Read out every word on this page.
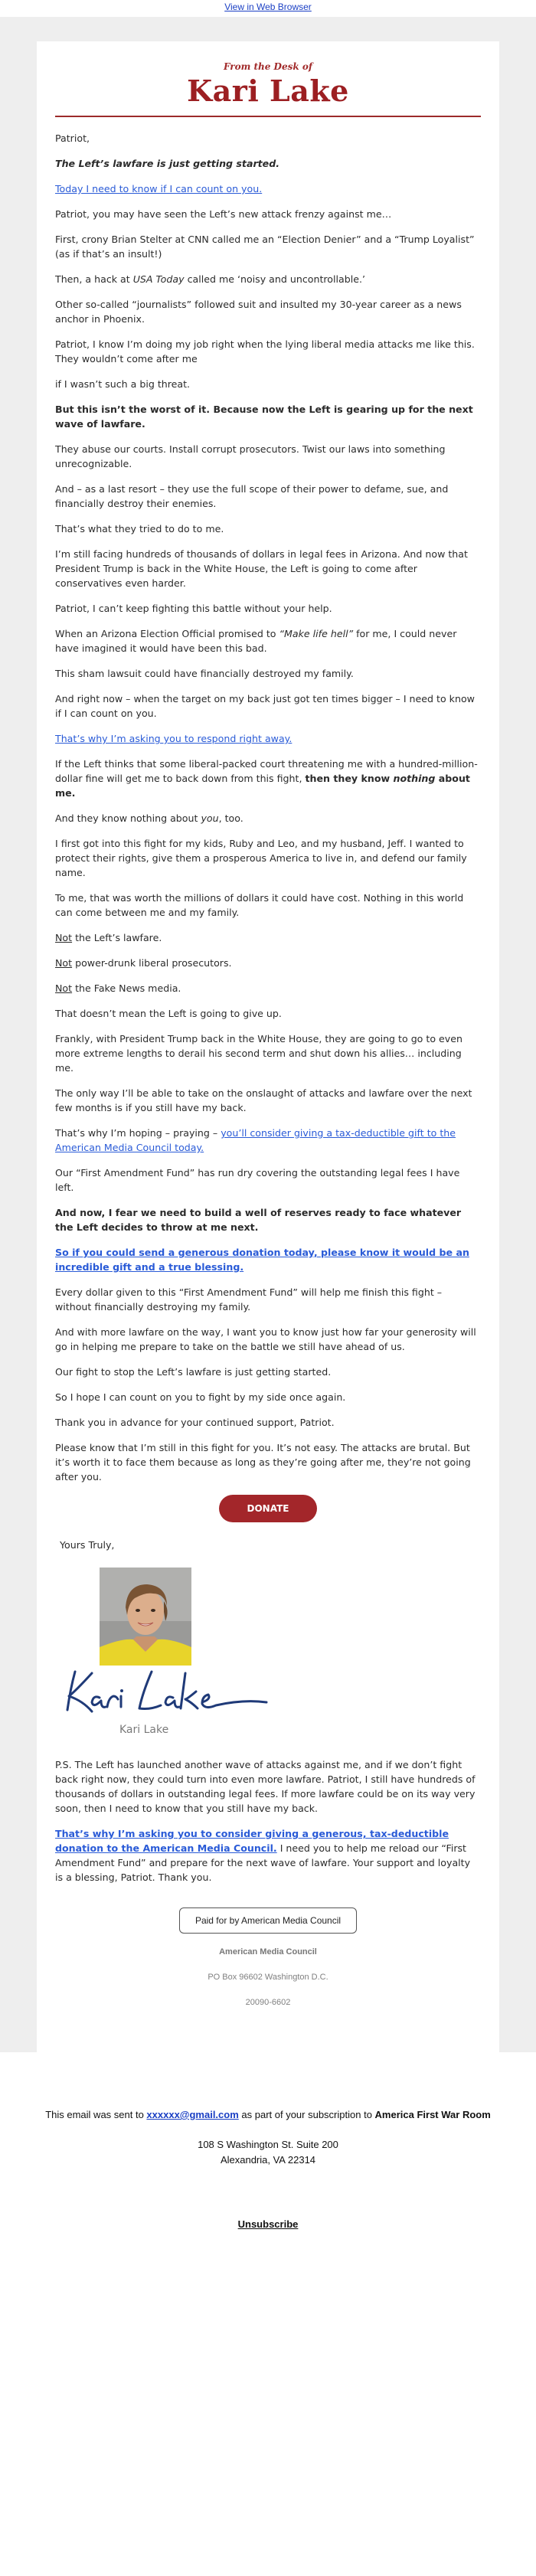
View in Web Browser
From the Desk of
Kari Lake

Patriot,

The Left’s lawfare is just getting started.

Today I need to know if I can count on you.

Patriot, you may have seen the Left’s new attack frenzy against me…

First, crony Brian Stelter at CNN called me an “Election Denier” and a “Trump Loyalist” (as if that’s an insult!)

Then, a hack at USA Today called me ‘noisy and uncontrollable.’

Other so-called “journalists” followed suit and insulted my 30-year career as a news anchor in Phoenix.

Patriot, I know I’m doing my job right when the lying liberal media attacks me like this. They wouldn’t come after me

if I wasn’t such a big threat.

But this isn’t the worst of it. Because now the Left is gearing up for the next wave of lawfare.

They abuse our courts. Install corrupt prosecutors. Twist our laws into something unrecognizable.

And – as a last resort – they use the full scope of their power to defame, sue, and financially destroy their enemies.

That’s what they tried to do to me.

I’m still facing hundreds of thousands of dollars in legal fees in Arizona. And now that President Trump is back in the White House, the Left is going to come after conservatives even harder.

Patriot, I can’t keep fighting this battle without your help.

When an Arizona Election Official promised to “Make life hell” for me, I could never have imagined it would have been this bad.

This sham lawsuit could have financially destroyed my family.

And right now – when the target on my back just got ten times bigger – I need to know if I can count on you.

That’s why I’m asking you to respond right away.

If the Left thinks that some liberal-packed court threatening me with a hundred-million-dollar fine will get me to back down from this fight, then they know nothing about me.

And they know nothing about you, too.

I first got into this fight for my kids, Ruby and Leo, and my husband, Jeff. I wanted to protect their rights, give them a prosperous America to live in, and defend our family name.

To me, that was worth the millions of dollars it could have cost. Nothing in this world can come between me and my family.

Not the Left’s lawfare.

Not power-drunk liberal prosecutors.

Not the Fake News media.

That doesn’t mean the Left is going to give up.

Frankly, with President Trump back in the White House, they are going to go to even more extreme lengths to derail his second term and shut down his allies… including me.

The only way I’ll be able to take on the onslaught of attacks and lawfare over the next few months is if you still have my back.

That’s why I’m hoping – praying – you’ll consider giving a tax-deductible gift to the American Media Council today.

Our “First Amendment Fund” has run dry covering the outstanding legal fees I have left.

And now, I fear we need to build a well of reserves ready to face whatever the Left decides to throw at me next.

So if you could send a generous donation today, please know it would be an incredible gift and a true blessing.

Every dollar given to this “First Amendment Fund” will help me finish this fight – without financially destroying my family.

And with more lawfare on the way, I want you to know just how far your generosity will go in helping me prepare to take on the battle we still have ahead of us.

Our fight to stop the Left’s lawfare is just getting started.

So I hope I can count on you to fight by my side once again.

Thank you in advance for your continued support, Patriot.

Please know that I’m still in this fight for you. It’s not easy. The attacks are brutal. But it’s worth it to face them because as long as they’re going after me, they’re not going after you.

DONATE

Yours Truly,

Kari Lake

P.S. The Left has launched another wave of attacks against me, and if we don’t fight back right now, they could turn into even more lawfare. Patriot, I still have hundreds of thousands of dollars in outstanding legal fees. If more lawfare could be on its way very soon, then I need to know that you still have my back.

That’s why I’m asking you to consider giving a generous, tax-deductible donation to the American Media Council. I need you to help me reload our “First Amendment Fund” and prepare for the next wave of lawfare. Your support and loyalty is a blessing, Patriot. Thank you.

Paid for by American Media Council
American Media Council
PO Box 96602 Washington D.C.
20090-6602
This email was sent to xxxxxx@gmail.com as part of your subscription to America First War Room
108 S Washington St. Suite 200
Alexandria, VA 22314
Unsubscribe
